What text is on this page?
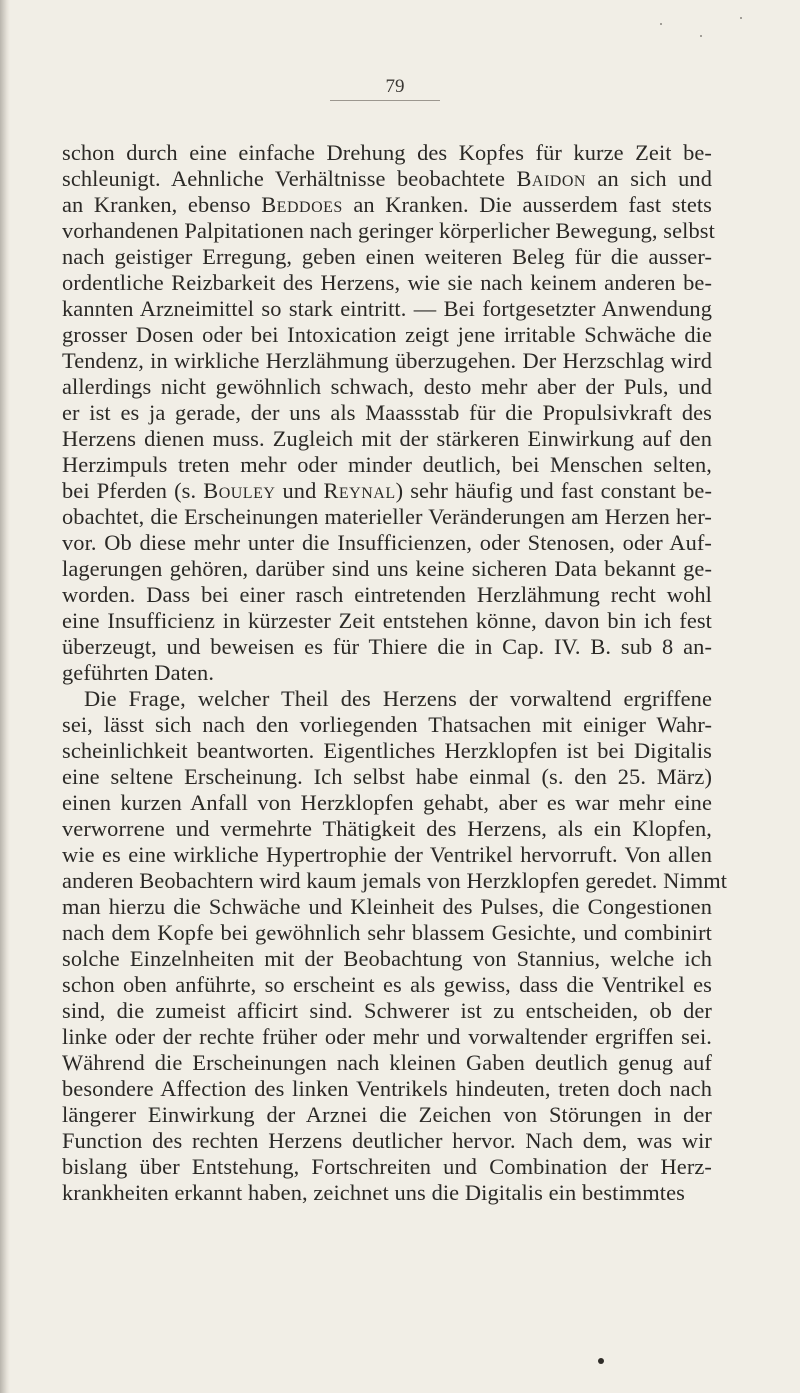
79
schon durch eine einfache Drehung des Kopfes für kurze Zeit be-
schleunigt. Aehnliche Verhältnisse beobachtete Baidon an sich und
an Kranken, ebenso Beddoes an Kranken. Die ausserdem fast stets
vorhandenen Palpitationen nach geringer körperlicher Bewegung, selbst
nach geistiger Erregung, geben einen weiteren Beleg für die ausser-
ordentliche Reizbarkeit des Herzens, wie sie nach keinem anderen be-
kannten Arzneimittel so stark eintritt. — Bei fortgesetzter Anwendung
grosser Dosen oder bei Intoxication zeigt jene irritable Schwäche die
Tendenz, in wirkliche Herzlähmung überzugehen. Der Herzschlag wird
allerdings nicht gewöhnlich schwach, desto mehr aber der Puls, und
er ist es ja gerade, der uns als Maassstab für die Propulsivkraft des
Herzens dienen muss. Zugleich mit der stärkeren Einwirkung auf den
Herzimpuls treten mehr oder minder deutlich, bei Menschen selten,
bei Pferden (s. Bouley und Reynal) sehr häufig und fast constant be-
obachtet, die Erscheinungen materieller Veränderungen am Herzen her-
vor. Ob diese mehr unter die Insufficienzen, oder Stenosen, oder Auf-
lagerungen gehören, darüber sind uns keine sicheren Data bekannt ge-
worden. Dass bei einer rasch eintretenden Herzlähmung recht wohl
eine Insufficienz in kürzester Zeit entstehen könne, davon bin ich fest
überzeugt, und beweisen es für Thiere die in Cap. IV. B. sub 8 an-
geführten Daten.
Die Frage, welcher Theil des Herzens der vorwaltend ergriffene
sei, lässt sich nach den vorliegenden Thatsachen mit einiger Wahr-
scheinlichkeit beantworten. Eigentliches Herzklopfen ist bei Digitalis
eine seltene Erscheinung. Ich selbst habe einmal (s. den 25. März)
einen kurzen Anfall von Herzklopfen gehabt, aber es war mehr eine
verworrene und vermehrte Thätigkeit des Herzens, als ein Klopfen,
wie es eine wirkliche Hypertrophie der Ventrikel hervorruft. Von allen
anderen Beobachtern wird kaum jemals von Herzklopfen geredet. Nimmt
man hierzu die Schwäche und Kleinheit des Pulses, die Congestionen
nach dem Kopfe bei gewöhnlich sehr blassem Gesichte, und combinirt
solche Einzelnheiten mit der Beobachtung von Stannius, welche ich
schon oben anführte, so erscheint es als gewiss, dass die Ventrikel es
sind, die zumeist afficirt sind. Schwerer ist zu entscheiden, ob der
linke oder der rechte früher oder mehr und vorwaltender ergriffen sei.
Während die Erscheinungen nach kleinen Gaben deutlich genug auf
besondere Affection des linken Ventrikels hindeuten, treten doch nach
längerer Einwirkung der Arznei die Zeichen von Störungen in der
Function des rechten Herzens deutlicher hervor. Nach dem, was wir
bislang über Entstehung, Fortschreiten und Combination der Herz-
krankheiten erkannt haben, zeichnet uns die Digitalis ein bestimmtes
